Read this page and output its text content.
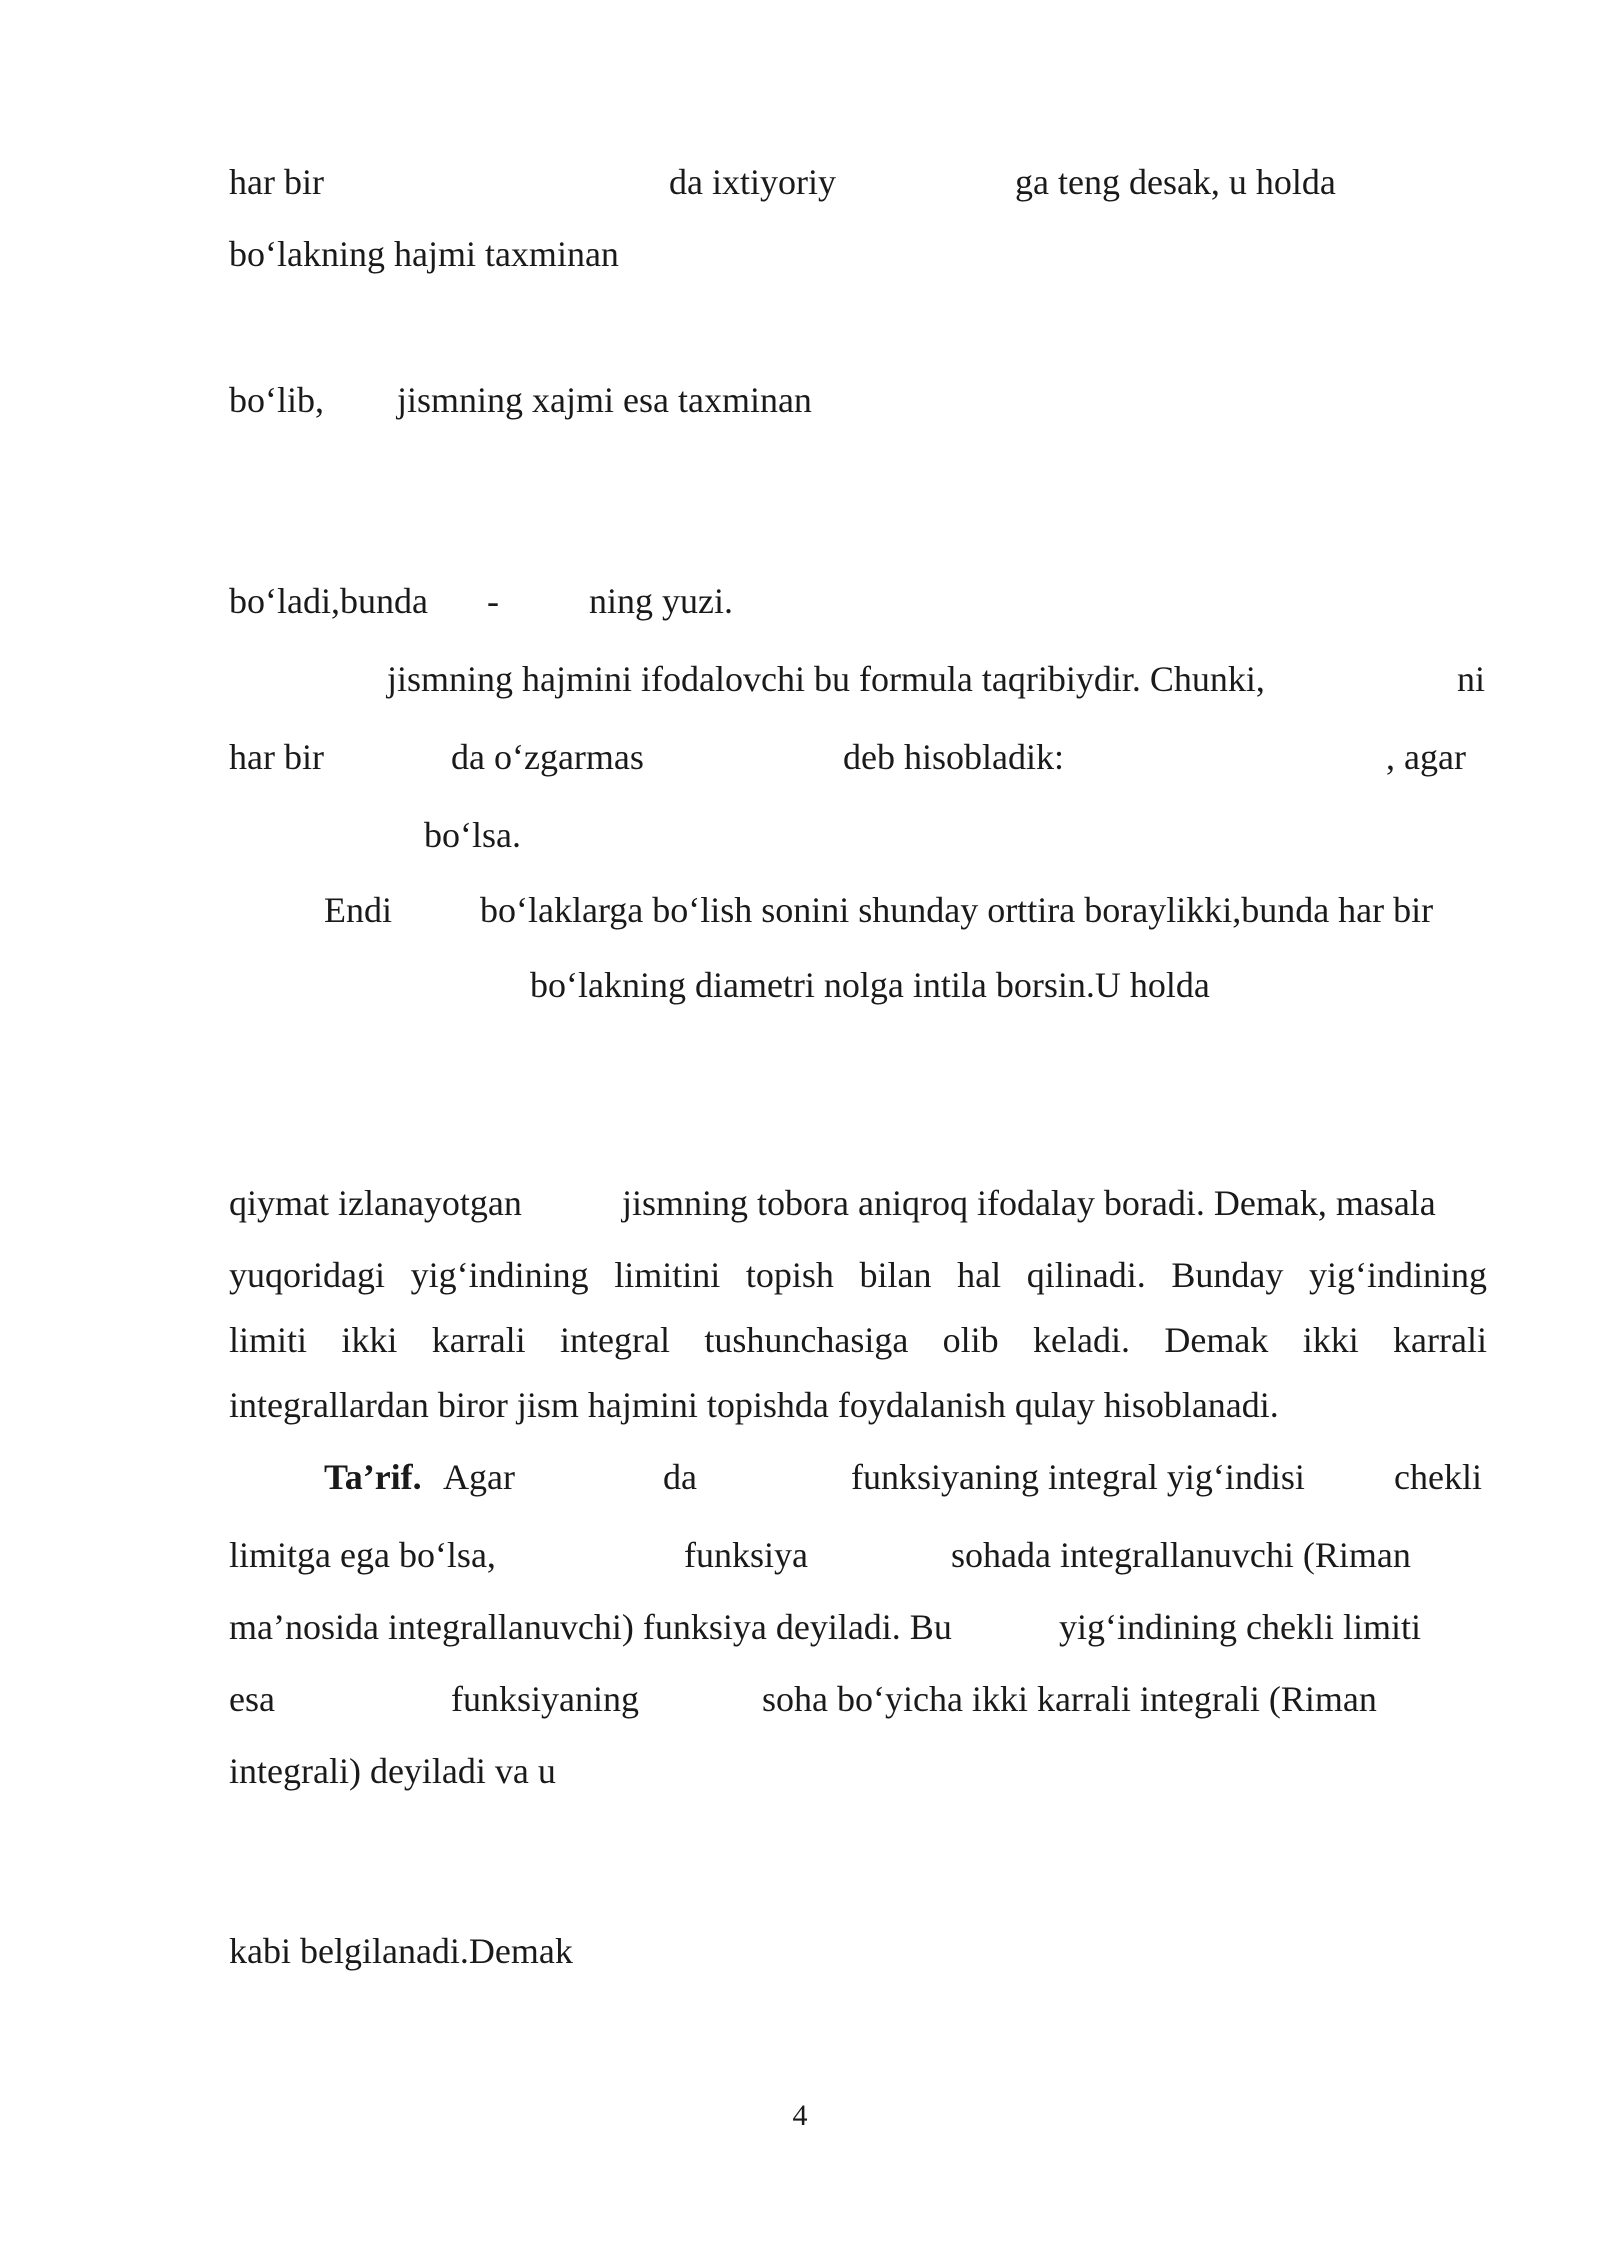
har bir	da ixtiyoriy	ga teng desak, u holda
bo‘lakning hajmi taxminan
bo‘lib, jismning xajmi esa taxminan
bo‘ladi,bunda -	ning yuzi.
jismning hajmini ifodalovchi bu formula taqribiydir. Chunki,	ni
har bir	da o‘zgarmas	deb hisobladik:	, agar
bo‘lsa.
Endi bo‘laklarga bo‘lish sonini shunday orttira boraylikki,bunda har bir
bo‘lakning diametri nolga intila borsin.U holda
qiymat izlanayotgan	jismning tobora aniqroq ifodalay boradi. Demak, masala
yuqoridagi yig‘indining limitini topish bilan hal qilinadi. Bunday yig‘indining
limiti ikki karrali integral tushunchasiga olib keladi. Demak ikki karrali
integrallardan biror jism hajmini topishda foydalanish qulay hisoblanadi.
Ta’rif. Agar	da	funksiyaning integral yig‘indisi chekli
limitga ega bo‘lsa,	funksiya	sohada integrallanuvchi (Riman
ma’nosida integrallanuvchi) funksiya deyiladi. Bu	yig‘indining chekli limiti
esa	funksiyaning	soha bo‘yicha ikki karrali integrali (Riman
integrali) deyiladi va u
kabi belgilanadi.Demak
4
